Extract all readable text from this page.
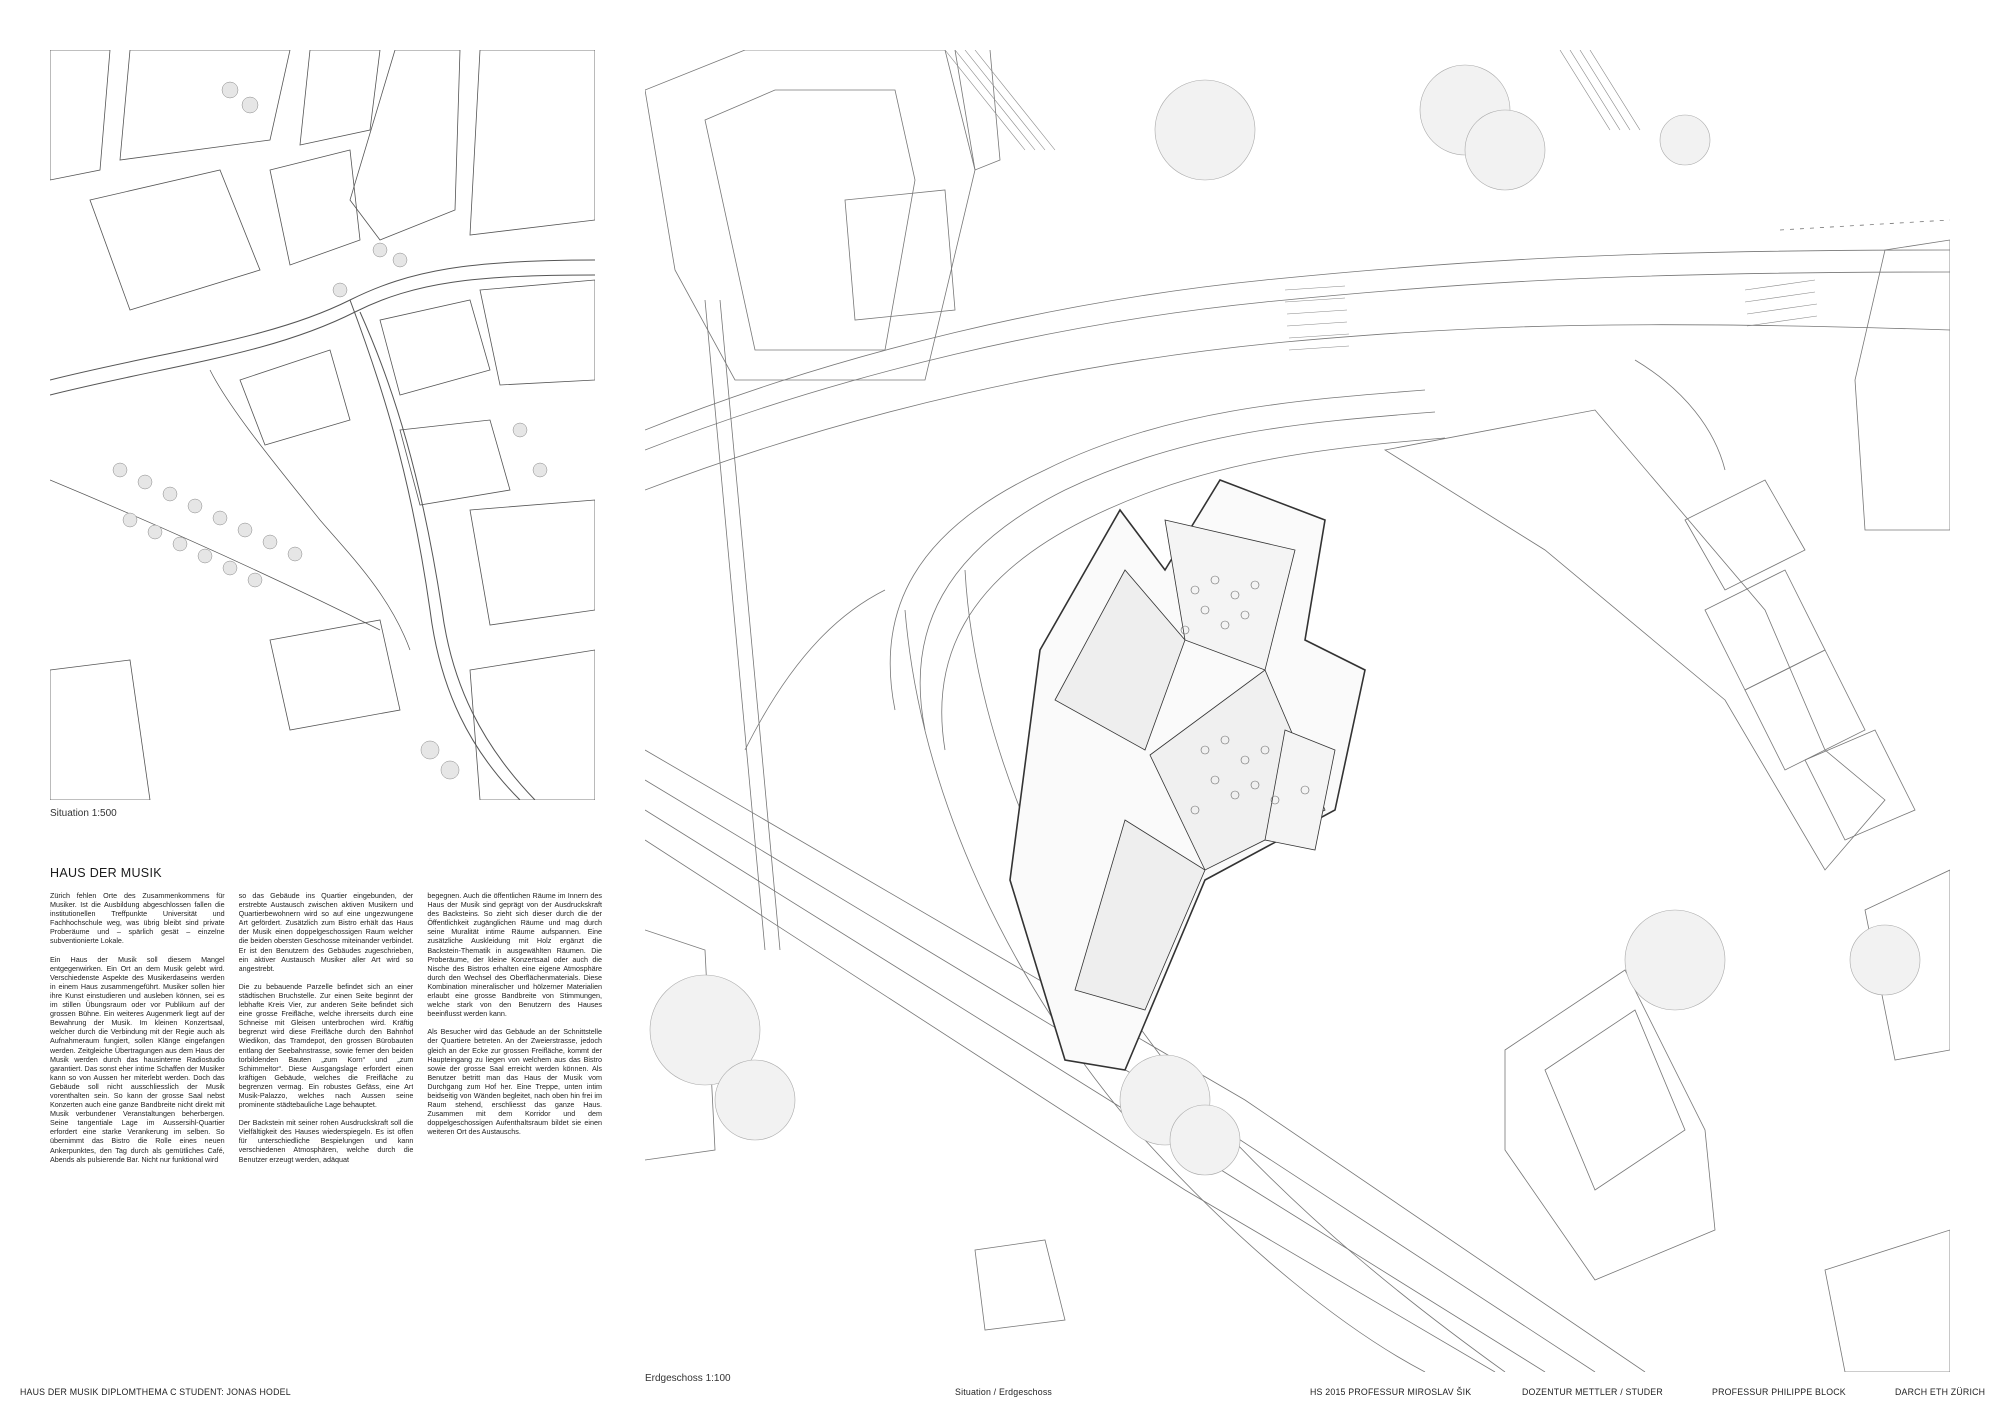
Situation 1:500
HAUS DER MUSIK

Zürich fehlen Orte des Zusammenkommens für Musiker. Ist die Ausbildung abgeschlossen fallen die institutionellen Treffpunkte Universität und Fachhochschule weg, was übrig bleibt sind private Proberäume und – spärlich gesät – einzelne subventionierte Lokale.

Ein Haus der Musik soll diesem Mangel entgegenwirken. Ein Ort an dem Musik gelebt wird. Verschiedenste Aspekte des Musikerdaseins werden in einem Haus zusammengeführt. Musiker sollen hier ihre Kunst einstudieren und ausleben können, sei es im stillen Übungsraum oder vor Publikum auf der grossen Bühne. Ein weiteres Augenmerk liegt auf der Bewahrung der Musik. Im kleinen Konzertsaal, welcher durch die Verbindung mit der Regie auch als Aufnahmeraum fungiert, sollen Klänge eingefangen werden. Zeitgleiche Übertragungen aus dem Haus der Musik werden durch das hausinterne Radiostudio garantiert. Das sonst eher intime Schaffen der Musiker kann so von Aussen her miterlebt werden. Doch das Gebäude soll nicht ausschliesslich der Musik vorenthalten sein. So kann der grosse Saal nebst Konzerten auch eine ganze Bandbreite nicht direkt mit Musik verbundener Veranstaltungen beherbergen. Seine tangentiale Lage im Aussersihl-Quartier erfordert eine starke Verankerung im selben. So übernimmt das Bistro die Rolle eines neuen Ankerpunktes, den Tag durch als gemütliches Café, Abends als pulsierende Bar. Nicht nur funktional wird

so das Gebäude ins Quartier eingebunden, der erstrebte Austausch zwischen aktiven Musikern und Quartierbewohnern wird so auf eine ungezwungene Art gefördert. Zusätzlich zum Bistro erhält das Haus der Musik einen doppelgeschossigen Raum welcher die beiden obersten Geschosse miteinander verbindet. Er ist den Benutzern des Gebäudes zugeschrieben, ein aktiver Austausch Musiker aller Art wird so angestrebt.

Die zu bebauende Parzelle befindet sich an einer städtischen Bruchstelle. Zur einen Seite beginnt der lebhafte Kreis Vier, zur anderen Seite befindet sich eine grosse Freifläche, welche ihrerseits durch eine Schneise mit Gleisen unterbrochen wird. Kräftig begrenzt wird diese Freifläche durch den Bahnhof Wiedikon, das Tramdepot, den grossen Bürobauten entlang der Seebahnstrasse, sowie ferner den beiden torbildenden Bauten „zum Korn“ und „zum Schimmeltor“. Diese Ausgangslage erfordert einen kräftigen Gebäude, welches die Freifläche zu begrenzen vermag. Ein robustes Gefäss, eine Art Musik-Palazzo, welches nach Aussen seine prominente städtebauliche Lage behauptet.

Der Backstein mit seiner rohen Ausdruckskraft soll die Vielfältigkeit des Hauses wiederspiegeln. Es ist offen für unterschiedliche Bespielungen und kann verschiedenen Atmosphären, welche durch die Benutzer erzeugt werden, adäquat

begegnen. Auch die öffentlichen Räume im Innern des Haus der Musik sind geprägt von der Ausdruckskraft des Backsteins. So zieht sich dieser durch die der Öffentlichkeit zugänglichen Räume und mag durch seine Muralität intime Räume aufspannen. Eine zusätzliche Auskleidung mit Holz ergänzt die Backstein-Thematik in ausgewählten Räumen. Die Proberäume, der kleine Konzertsaal oder auch die Nische des Bistros erhalten eine eigene Atmosphäre durch den Wechsel des Oberflächenmaterials. Diese Kombination mineralischer und hölzerner Materialien erlaubt eine grosse Bandbreite von Stimmungen, welche stark von den Benutzern des Hauses beeinflusst werden kann.

Als Besucher wird das Gebäude an der Schnittstelle der Quartiere betreten. An der Zweierstrasse, jedoch gleich an der Ecke zur grossen Freifläche, kommt der Haupteingang zu liegen von welchem aus das Bistro sowie der grosse Saal erreicht werden können. Als Benutzer betritt man das Haus der Musik vom Durchgang zum Hof her. Eine Treppe, unten intim beidseitig von Wänden begleitet, nach oben hin frei im Raum stehend, erschliesst das ganze Haus. Zusammen mit dem Korridor und dem doppelgeschossigen Aufenthaltsraum bildet sie einen weiteren Ort des Austauschs.

Erdgeschoss 1:100
HAUS DER MUSIK DIPLOMTHEMA C STUDENT: JONAS HODEL	Situation / Erdgeschoss	HS 2015 PROFESSUR MIROSLAV ŠIK	DOZENTUR METTLER / STUDER	PROFESSUR PHILIPPE BLOCK	DARCH ETH ZÜRICH
